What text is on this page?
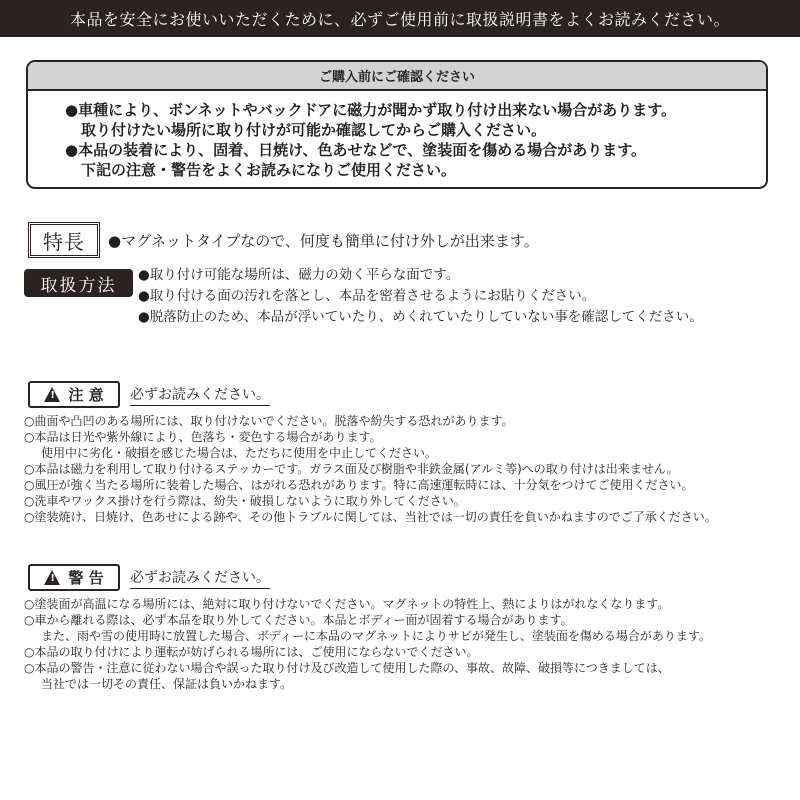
本品を安全にお使いいただくために、必ずご使用前に取扱説明書をよくお読みください。
ご購入前にご確認ください
●車種により、ボンネットやバックドアに磁力が聞かず取り付け出来ない場合があります。
取り付けたい場所に取り付けが可能か確認してからご購入ください。
●本品の装着により、固着、日焼け、色あせなどで、塗装面を傷める場合があります。
下記の注意・警告をよくお読みになりご使用ください。
特長	●マグネットタイプなので、何度も簡単に付け外しが出来ます。
取扱方法
●取り付け可能な場所は、磁力の効く平らな面です。
●取り付ける面の汚れを落とし、本品を密着させるようにお貼りください。
●脱落防止のため、本品が浮いていたり、めくれていたりしていない事を確認してください。
! 注 意 必ずお読みください。
○曲面や凸凹のある場所には、取り付けないでください。脱落や紛失する恐れがあります。
○本品は日光や紫外線により、色落ち・変色する場合があります。
使用中に劣化・破損を感じた場合は、ただちに使用を中止してください。
○本品は磁力を利用して取り付けるステッカーです。ガラス面及び樹脂や非鉄金属(アルミ等)への取り付けは出来ません。
○風圧が強く当たる場所に装着した場合、はがれる恐れがあります。特に高速運転時には、十分気をつけてご使用ください。
○洗車やワックス掛けを行う際は、紛失・破損しないように取り外してください。
○塗装焼け、日焼け、色あせによる跡や、その他トラブルに関しては、当社では一切の責任を負いかねますのでご了承ください。
! 警 告 必ずお読みください。
○塗装面が高温になる場所には、絶対に取り付けないでください。マグネットの特性上、熱によりはがれなくなります。
○車から離れる際は、必ず本品を取り外してください。本品とボディー面が固着する場合があります。
また、雨や雪の使用時に放置した場合、ボディーに本品のマグネットによりサビが発生し、塗装面を傷める場合があります。
○本品の取り付けにより運転が妨げられる場所には、ご使用にならないでください。
○本品の警告・注意に従わない場合や誤った取り付け及び改造して使用した際の、事故、故障、破損等につきましては、
当社では一切その責任、保証は負いかねます。
